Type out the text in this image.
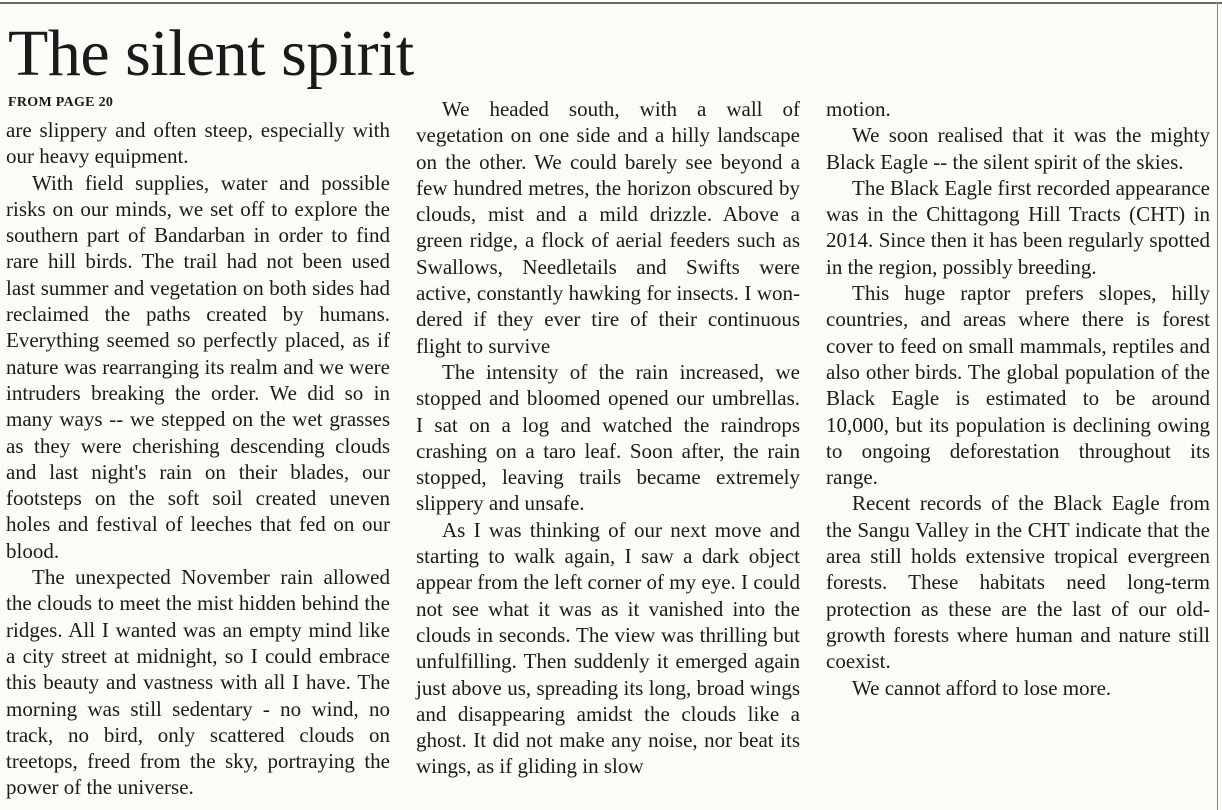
The silent spirit
FROM PAGE 20

are slippery and often steep, especially with our heavy equipment.

With field supplies, water and possible risks on our minds, we set off to explore the southern part of Bandarban in order to find rare hill birds. The trail had not been used last summer and vegetation on both sides had reclaimed the paths created by humans. Everything seemed so perfectly placed, as if nature was rearranging its realm and we were intruders breaking the order. We did so in many ways -- we stepped on the wet grasses as they were cherishing descending clouds and last night's rain on their blades, our footsteps on the soft soil created uneven holes and festival of leeches that fed on our blood.

The unexpected November rain allowed the clouds to meet the mist hidden behind the ridges. All I wanted was an empty mind like a city street at midnight, so I could embrace this beauty and vastness with all I have. The morning was still sedentary - no wind, no track, no bird, only scattered clouds on treetops, freed from the sky, portraying the power of the universe.

We headed south, with a wall of vegetation on one side and a hilly landscape on the other. We could barely see beyond a few hundred metres, the horizon obscured by clouds, mist and a mild drizzle. Above a green ridge, a flock of aerial feeders such as Swallows, Needletails and Swifts were active, constantly hawking for insects. I wondered if they ever tire of their continuous flight to survive

The intensity of the rain increased, we stopped and bloomed opened our umbrellas. I sat on a log and watched the raindrops crashing on a taro leaf. Soon after, the rain stopped, leaving trails became extremely slippery and unsafe.

As I was thinking of our next move and starting to walk again, I saw a dark object appear from the left corner of my eye. I could not see what it was as it vanished into the clouds in seconds. The view was thrilling but unfulfilling. Then suddenly it emerged again just above us, spreading its long, broad wings and disappearing amidst the clouds like a ghost. It did not make any noise, nor beat its wings, as if gliding in slow

motion.

We soon realised that it was the mighty Black Eagle -- the silent spirit of the skies.

The Black Eagle first recorded appearance was in the Chittagong Hill Tracts (CHT) in 2014. Since then it has been regularly spotted in the region, possibly breeding.

This huge raptor prefers slopes, hilly countries, and areas where there is forest cover to feed on small mammals, reptiles and also other birds. The global population of the Black Eagle is estimated to be around 10,000, but its population is declining owing to ongoing deforestation throughout its range.

Recent records of the Black Eagle from the Sangu Valley in the CHT indicate that the area still holds extensive tropical evergreen forests. These habitats need long-term protection as these are the last of our old-growth forests where human and nature still coexist.

We cannot afford to lose more.
